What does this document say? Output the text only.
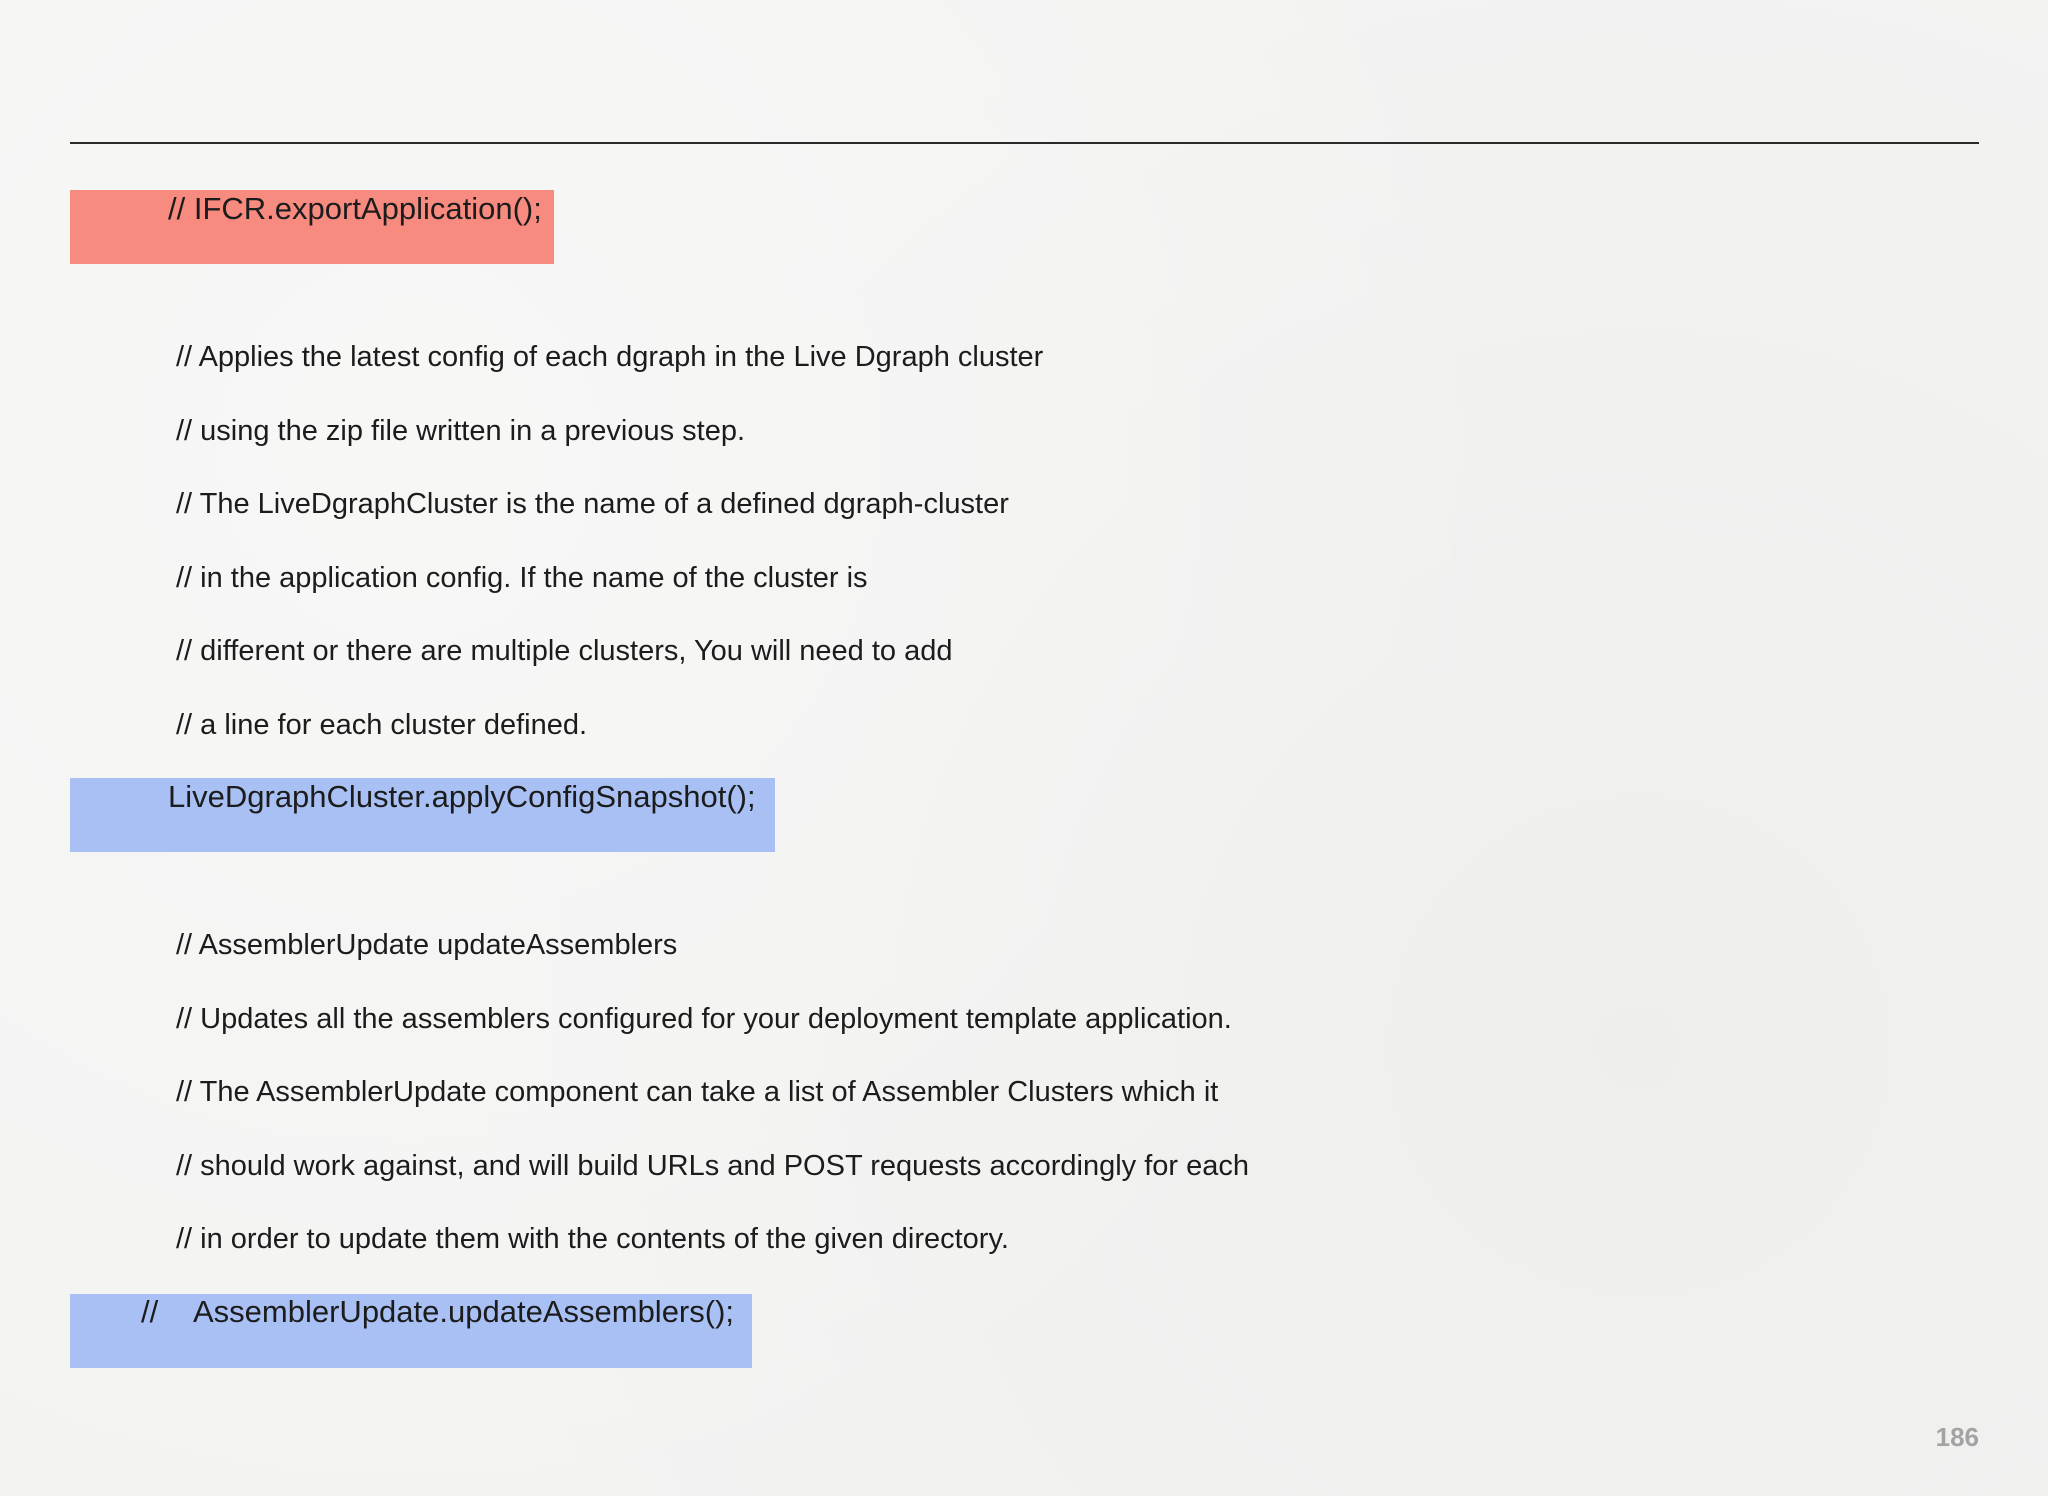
// IFCR.exportApplication();
// Applies the latest config of each dgraph in the Live Dgraph cluster
// using the zip file written in a previous step.
// The LiveDgraphCluster is the name of a defined dgraph-cluster
// in the application config. If the name of the cluster is
// different or there are multiple clusters, You will need to add
// a line for each cluster defined.
LiveDgraphCluster.applyConfigSnapshot();
// AssemblerUpdate updateAssemblers
// Updates all the assemblers configured for your deployment template application.
// The AssemblerUpdate component can take a list of Assembler Clusters which it
// should work against, and will build URLs and POST requests accordingly for each
// in order to update them with the contents of the given directory.
// AssemblerUpdate.updateAssemblers();
186
